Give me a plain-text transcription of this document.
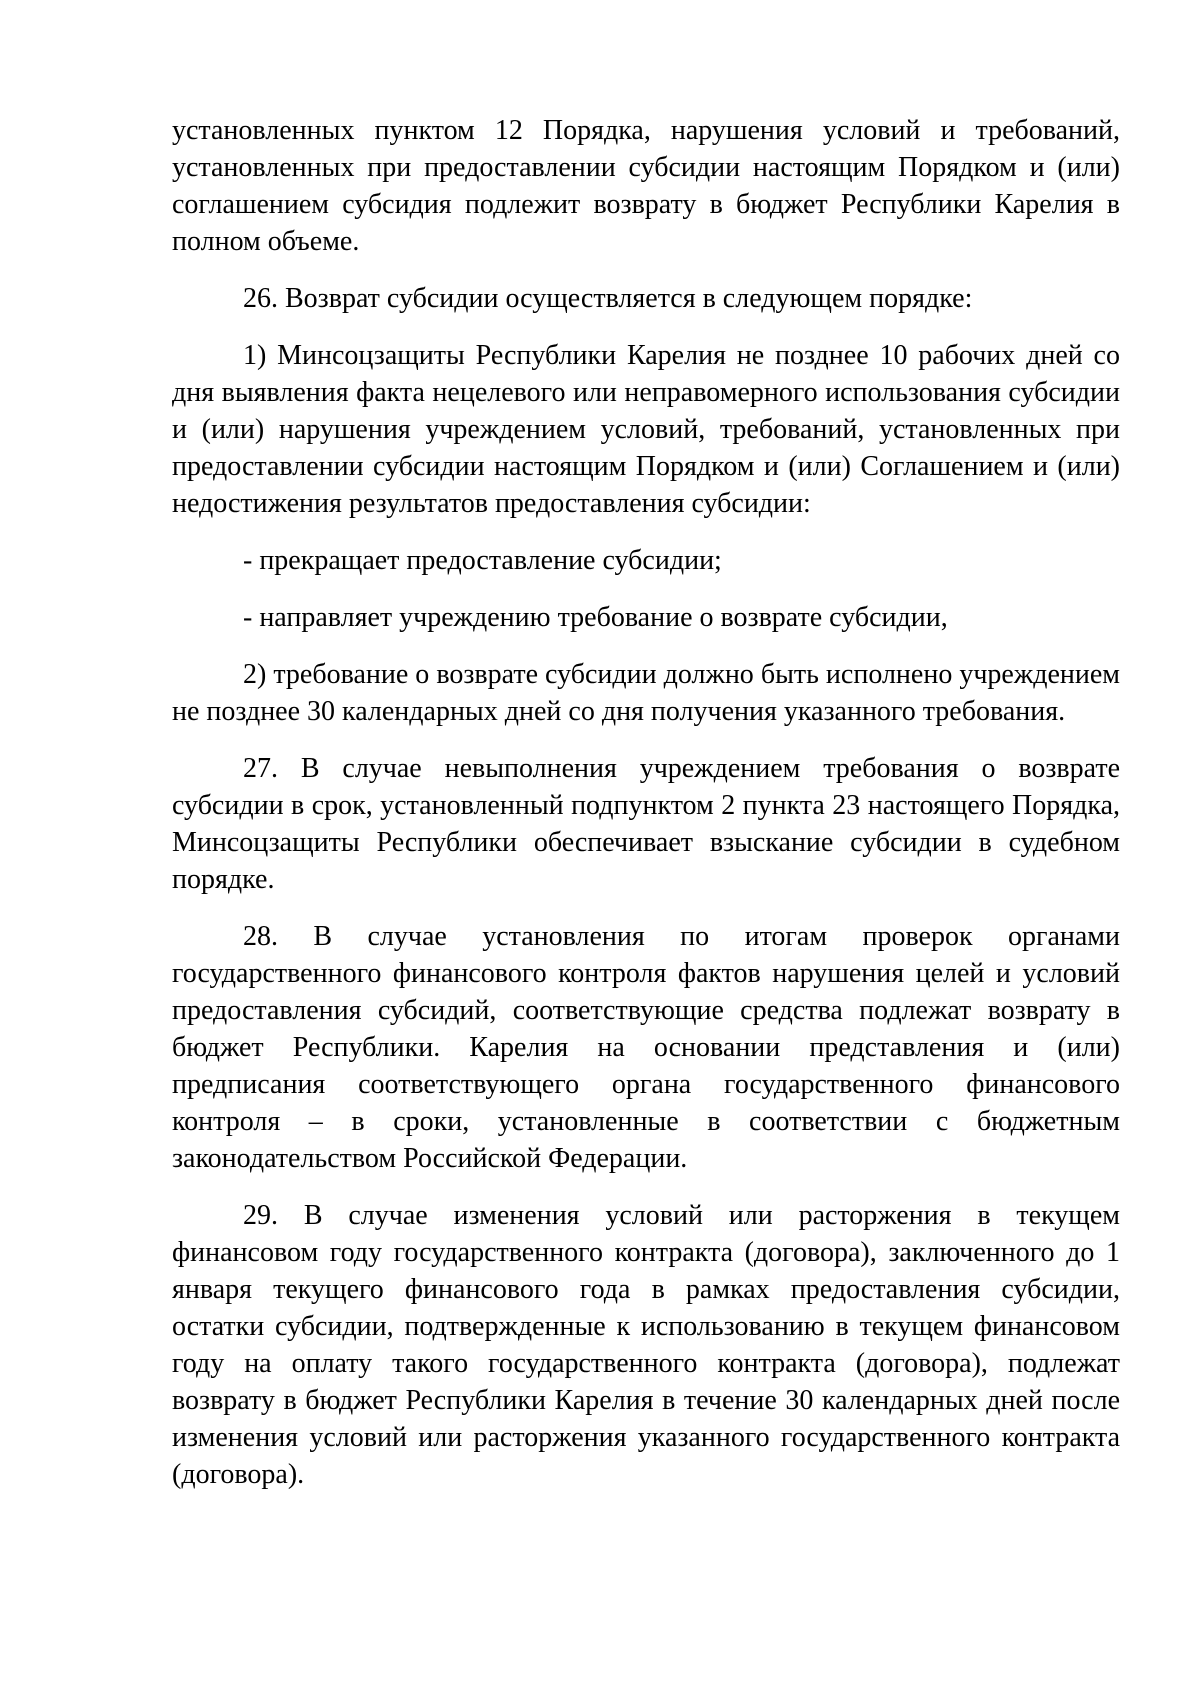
установленных пунктом 12 Порядка, нарушения условий и требований, установленных при предоставлении субсидии настоящим Порядком и (или) соглашением субсидия подлежит возврату в бюджет Республики Карелия в полном объеме.

26. Возврат субсидии осуществляется в следующем порядке:

1) Минсоцзащиты Республики Карелия не позднее 10 рабочих дней со дня выявления факта нецелевого или неправомерного использования субсидии и (или) нарушения учреждением условий, требований, установленных при предоставлении субсидии настоящим Порядком и (или) Соглашением и (или) недостижения результатов предоставления субсидии:

- прекращает предоставление субсидии;

- направляет учреждению требование о возврате субсидии,

2) требование о возврате субсидии должно быть исполнено учреждением не позднее 30 календарных дней со дня получения указанного требования.

27. В случае невыполнения учреждением требования о возврате субсидии в срок, установленный подпунктом 2 пункта 23 настоящего Порядка, Минсоцзащиты Республики обеспечивает взыскание субсидии в судебном порядке.

28. В случае установления по итогам проверок органами государственного финансового контроля фактов нарушения целей и условий предоставления субсидий, соответствующие средства подлежат возврату в бюджет Республики. Карелия на основании представления и (или) предписания соответствующего органа государственного финансового контроля – в сроки, установленные в соответствии с бюджетным законодательством Российской Федерации.

29. В случае изменения условий или расторжения в текущем финансовом году государственного контракта (договора), заключенного до 1 января текущего финансового года в рамках предоставления субсидии, остатки субсидии, подтвержденные к использованию в текущем финансовом году на оплату такого государственного контракта (договора), подлежат возврату в бюджет Республики Карелия в течение 30 календарных дней после изменения условий или расторжения указанного государственного контракта (договора).
